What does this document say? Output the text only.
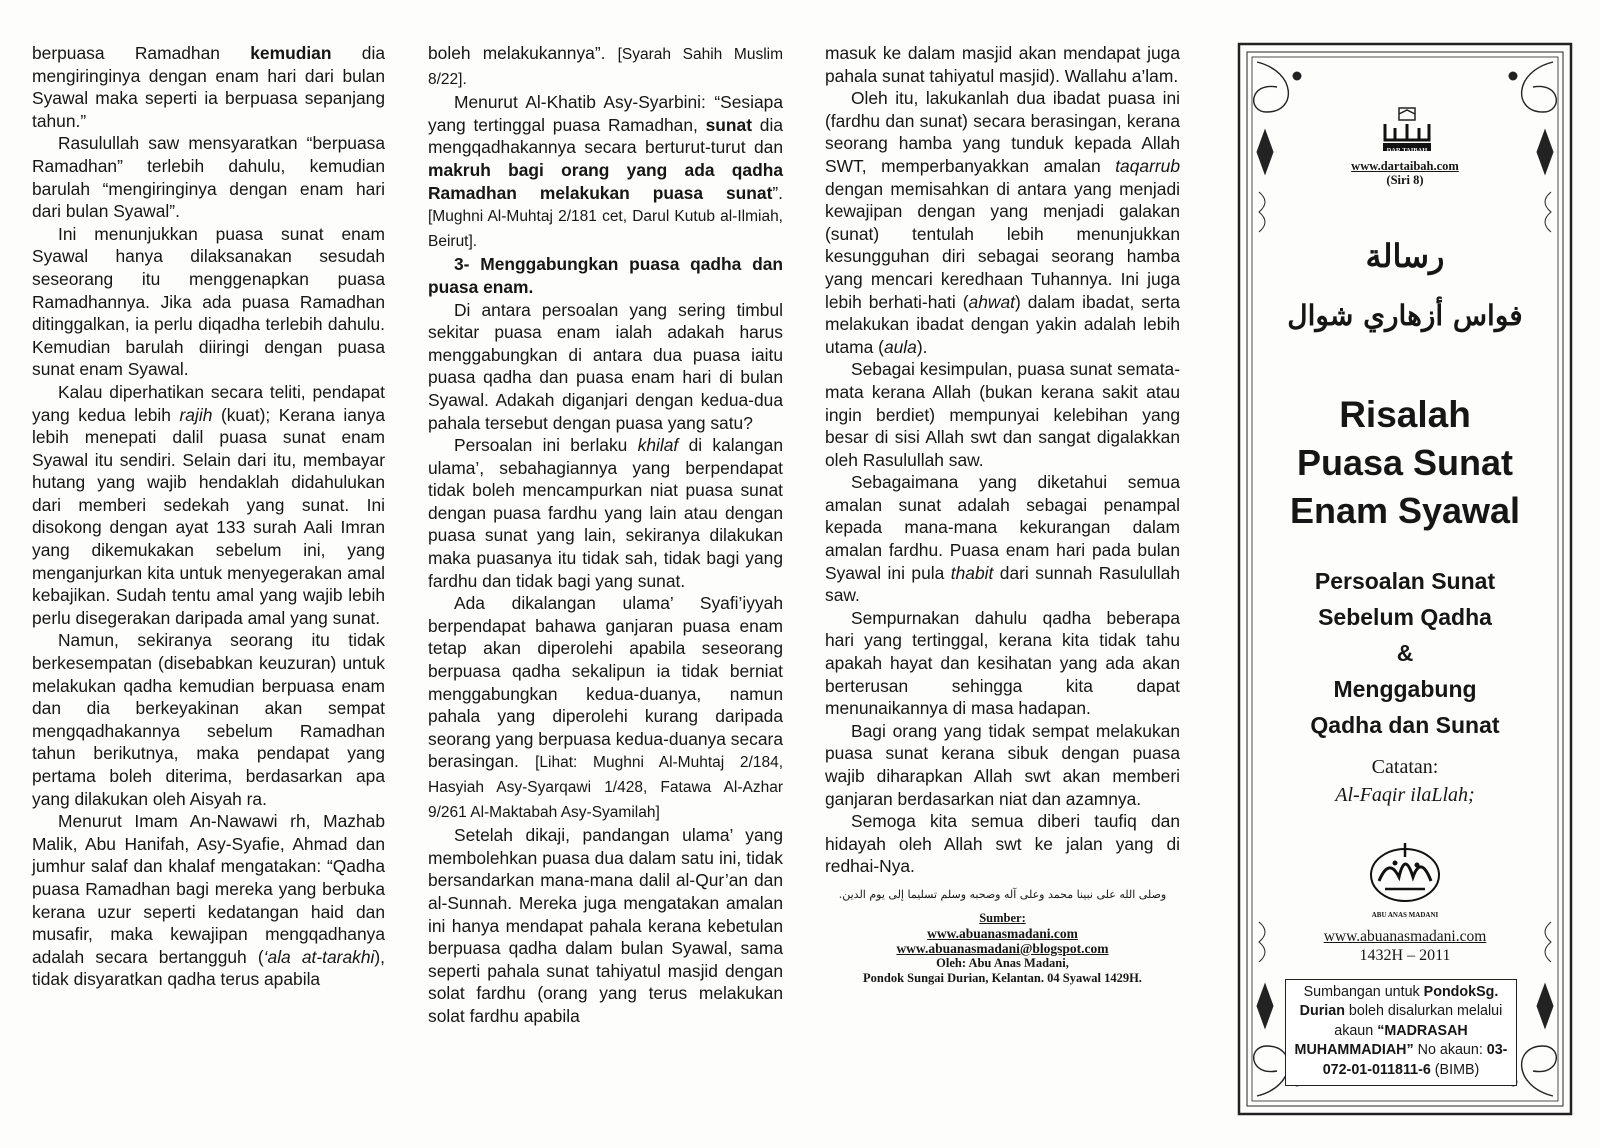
berpuasa Ramadhan kemudian dia mengiringinya dengan enam hari dari bulan Syawal maka seperti ia berpuasa sepanjang tahun.”

Rasulullah saw mensyaratkan “berpuasa Ramadhan” terlebih dahulu, kemudian barulah “mengiringinya dengan enam hari dari bulan Syawal”.

Ini menunjukkan puasa sunat enam Syawal hanya dilaksanakan sesudah seseorang itu menggenapkan puasa Ramadhannya. Jika ada puasa Ramadhan ditinggalkan, ia perlu diqadha terlebih dahulu. Kemudian barulah diiringi dengan puasa sunat enam Syawal.

Kalau diperhatikan secara teliti, pendapat yang kedua lebih rajih (kuat); Kerana ianya lebih menepati dalil puasa sunat enam Syawal itu sendiri. Selain dari itu, membayar hutang yang wajib hendaklah didahulukan dari memberi sedekah yang sunat. Ini disokong dengan ayat 133 surah Aali Imran yang dikemukakan sebelum ini, yang menganjurkan kita untuk menyegerakan amal kebajikan. Sudah tentu amal yang wajib lebih perlu disegerakan daripada amal yang sunat.

Namun, sekiranya seorang itu tidak berkesempatan (disebabkan keuzuran) untuk melakukan qadha kemudian berpuasa enam dan dia berkeyakinan akan sempat mengqadhakannya sebelum Ramadhan tahun berikutnya, maka pendapat yang pertama boleh diterima, berdasarkan apa yang dilakukan oleh Aisyah ra.

Menurut Imam An-Nawawi rh, Mazhab Malik, Abu Hanifah, Asy-Syafie, Ahmad dan jumhur salaf dan khalaf mengatakan: “Qadha puasa Ramadhan bagi mereka yang berbuka kerana uzur seperti kedatangan haid dan musafir, maka kewajipan mengqadhanya adalah secara bertangguh (‘ala at-tarakhi), tidak disyaratkan qadha terus apabila

boleh melakukannya”. [Syarah Sahih Muslim 8/22].

Menurut Al-Khatib Asy-Syarbini: “Sesiapa yang tertinggal puasa Ramadhan, sunat dia mengqadhakannya secara berturut-turut dan makruh bagi orang yang ada qadha Ramadhan melakukan puasa sunat”. [Mughni Al-Muhtaj 2/181 cet, Darul Kutub al-Ilmiah, Beirut].

3- Menggabungkan puasa qadha dan puasa enam.

Di antara persoalan yang sering timbul sekitar puasa enam ialah adakah harus menggabungkan di antara dua puasa iaitu puasa qadha dan puasa enam hari di bulan Syawal. Adakah diganjari dengan kedua-dua pahala tersebut dengan puasa yang satu?

Persoalan ini berlaku khilaf di kalangan ulama’, sebahagiannya yang berpendapat tidak boleh mencampurkan niat puasa sunat dengan puasa fardhu yang lain atau dengan puasa sunat yang lain, sekiranya dilakukan maka puasanya itu tidak sah, tidak bagi yang fardhu dan tidak bagi yang sunat.

Ada dikalangan ulama’ Syafi’iyyah berpendapat bahawa ganjaran puasa enam tetap akan diperolehi apabila seseorang berpuasa qadha sekalipun ia tidak berniat menggabungkan kedua-duanya, namun pahala yang diperolehi kurang daripada seorang yang berpuasa kedua-duanya secara berasingan. [Lihat: Mughni Al-Muhtaj 2/184, Hasyiah Asy-Syarqawi 1/428, Fatawa Al-Azhar 9/261 Al-Maktabah Asy-Syamilah]

Setelah dikaji, pandangan ulama’ yang membolehkan puasa dua dalam satu ini, tidak bersandarkan mana-mana dalil al-Qur’an dan al-Sunnah. Mereka juga mengatakan amalan ini hanya mendapat pahala kerana kebetulan berpuasa qadha dalam bulan Syawal, sama seperti pahala sunat tahiyatul masjid dengan solat fardhu (orang yang terus melakukan solat fardhu apabila

masuk ke dalam masjid akan mendapat juga pahala sunat tahiyatul masjid). Wallahu a’lam.

Oleh itu, lakukanlah dua ibadat puasa ini (fardhu dan sunat) secara berasingan, kerana seorang hamba yang tunduk kepada Allah SWT, memperbanyakkan amalan taqarrub dengan memisahkan di antara yang menjadi kewajipan dengan yang menjadi galakan (sunat) tentulah lebih menunjukkan kesungguhan diri sebagai seorang hamba yang mencari keredhaan Tuhannya. Ini juga lebih berhati-hati (ahwat) dalam ibadat, serta melakukan ibadat dengan yakin adalah lebih utama (aula).

Sebagai kesimpulan, puasa sunat semata-mata kerana Allah (bukan kerana sakit atau ingin berdiet) mempunyai kelebihan yang besar di sisi Allah swt dan sangat digalakkan oleh Rasulullah saw.

Sebagaimana yang diketahui semua amalan sunat adalah sebagai penampal kepada mana-mana kekurangan dalam amalan fardhu. Puasa enam hari pada bulan Syawal ini pula thabit dari sunnah Rasulullah saw.

Sempurnakan dahulu qadha beberapa hari yang tertinggal, kerana kita tidak tahu apakah hayat dan kesihatan yang ada akan berterusan sehingga kita dapat menunaikannya di masa hadapan.

Bagi orang yang tidak sempat melakukan puasa sunat kerana sibuk dengan puasa wajib diharapkan Allah swt akan memberi ganjaran berdasarkan niat dan azamnya.

Semoga kita semua diberi taufiq dan hidayah oleh Allah swt ke jalan yang di redhai-Nya.

وصلى الله على نبينا محمد وعلى آله وصحبه وسلم تسليما إلى يوم الدين.
Sumber:
www.abuanasmadani.com
www.abuanasmadani@blogspot.com
Oleh: Abu Anas Madani,
Pondok Sungai Durian, Kelantan. 04 Syawal 1429H.
DAR TAIBAH
www.dartaibah.com
(Siri 8)
رسالة
فواس أزهاري شوال
Risalah
Puasa Sunat
Enam Syawal
Persoalan Sunat
Sebelum Qadha
&
Menggabung
Qadha dan Sunat
Catatan:
Al-Faqir ilaLlah;
ABU ANAS MADANI
www.abuanasmadani.com
1432H – 2011
Sumbangan untuk PondokSg. Durian boleh disalurkan melalui akaun “MADRASAH MUHAMMADIAH” No akaun: 03-072-01-011811-6 (BIMB)
